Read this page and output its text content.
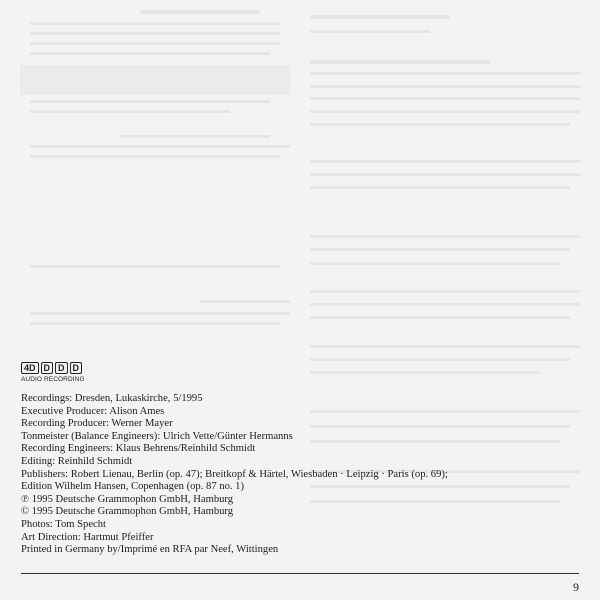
4D D D D
AUDIO RECORDING
Recordings: Dresden, Lukaskirche, 5/1995
Executive Producer: Alison Ames
Recording Producer: Werner Mayer
Tonmeister (Balance Engineers): Ulrich Vette/Günter Hermanns
Recording Engineers: Klaus Behrens/Reinhild Schmidt
Editing: Reinhild Schmidt
Publishers: Robert Lienau, Berlin (op. 47); Breitkopf & Härtel, Wiesbaden · Leipzig · Paris (op. 69);
Edition Wilhelm Hansen, Copenhagen (op. 87 no. 1)
℗ 1995 Deutsche Grammophon GmbH, Hamburg
© 1995 Deutsche Grammophon GmbH, Hamburg
Photos: Tom Specht
Art Direction: Hartmut Pfeiffer
Printed in Germany by/Imprimé en RFA par Neef, Wittingen
9
